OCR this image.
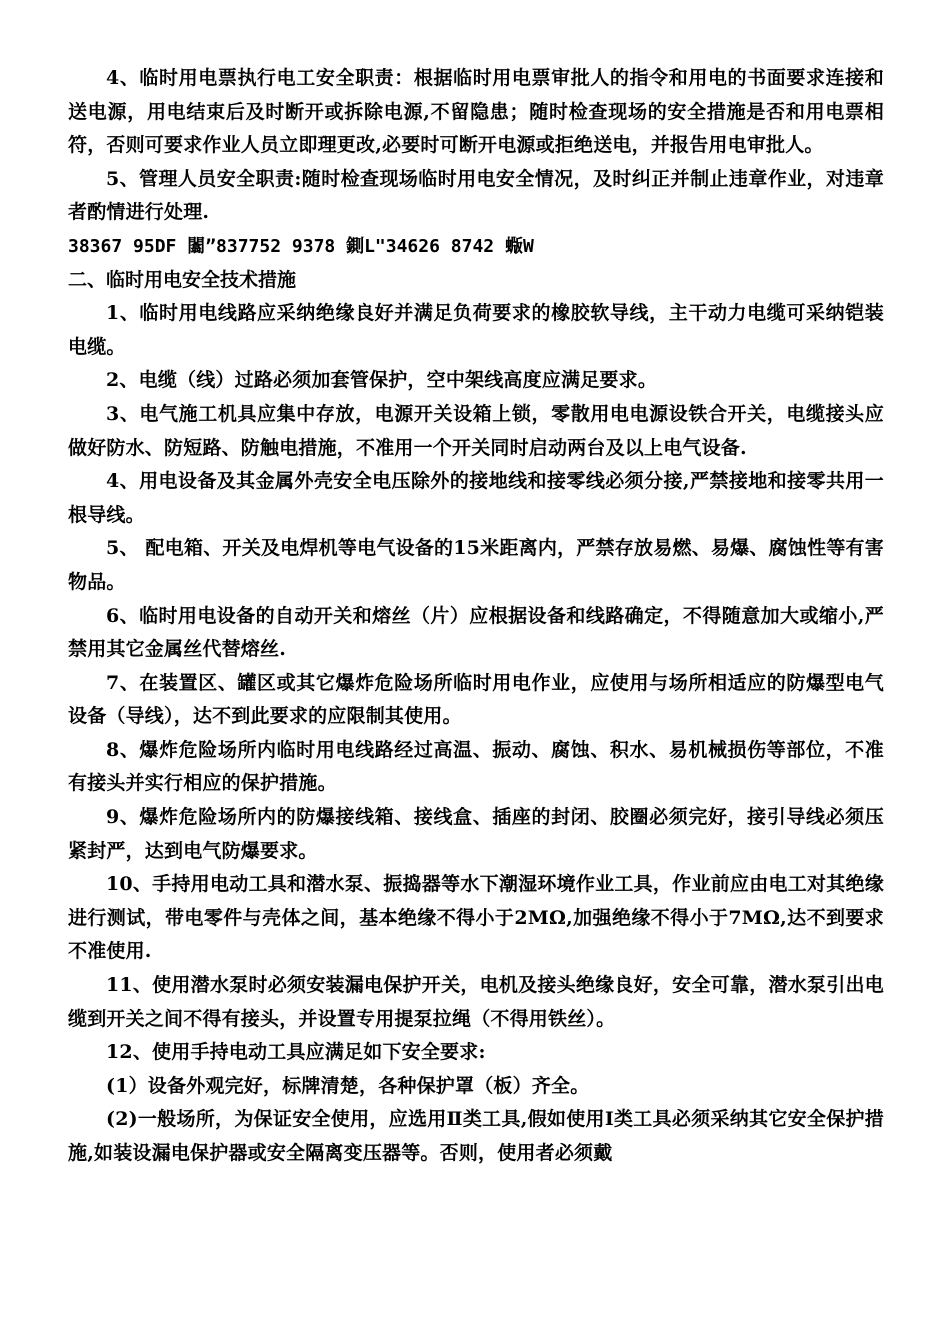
4、临时用电票执行电工安全职责：根据临时用电票审批人的指令和用电的书面要求连接和送电源，用电结束后及时断开或拆除电源,不留隐患；随时检查现场的安全措施是否和用电票相符，否则可要求作业人员立即理更改,必要时可断开电源或拒绝送电，并报告用电审批人。

5、管理人员安全职责:随时检查现场临时用电安全情况，及时纠正并制止违章作业，对违章者酌情进行处理.

38367 95DF 闟”837752 9378 鍘L"34626 8742 蝂W

二、临时用电安全技术措施

1、临时用电线路应采纳绝缘良好并满足负荷要求的橡胶软导线，主干动力电缆可采纳铠装电缆。

2、电缆（线）过路必须加套管保护，空中架线高度应满足要求。

3、电气施工机具应集中存放，电源开关设箱上锁，零散用电电源设铁合开关，电缆接头应做好防水、防短路、防触电措施，不准用一个开关同时启动两台及以上电气设备.

4、用电设备及其金属外壳安全电压除外的接地线和接零线必须分接,严禁接地和接零共用一根导线。

5、 配电箱、开关及电焊机等电气设备的15米距离内，严禁存放易燃、易爆、腐蚀性等有害物品。

6、临时用电设备的自动开关和熔丝（片）应根据设备和线路确定，不得随意加大或缩小,严禁用其它金属丝代替熔丝.

7、在装置区、罐区或其它爆炸危险场所临时用电作业，应使用与场所相适应的防爆型电气设备（导线），达不到此要求的应限制其使用。

8、爆炸危险场所内临时用电线路经过高温、振动、腐蚀、积水、易机械损伤等部位，不准有接头并实行相应的保护措施。

9、爆炸危险场所内的防爆接线箱、接线盒、插座的封闭、胶圈必须完好，接引导线必须压紧封严，达到电气防爆要求。

10、手持用电动工具和潜水泵、振捣器等水下潮湿环境作业工具，作业前应由电工对其绝缘进行测试，带电零件与壳体之间，基本绝缘不得小于2MΩ,加强绝缘不得小于7MΩ,达不到要求不准使用.

11、使用潜水泵时必须安装漏电保护开关，电机及接头绝缘良好，安全可靠，潜水泵引出电缆到开关之间不得有接头，并设置专用提泵拉绳（不得用铁丝）。

12、使用手持电动工具应满足如下安全要求:

(1）设备外观完好，标牌清楚，各种保护罩（板）齐全。

(2)一般场所，为保证安全使用，应选用Ⅱ类工具,假如使用Ⅰ类工具必须采纳其它安全保护措施,如装设漏电保护器或安全隔离变压器等。否则，使用者必须戴
